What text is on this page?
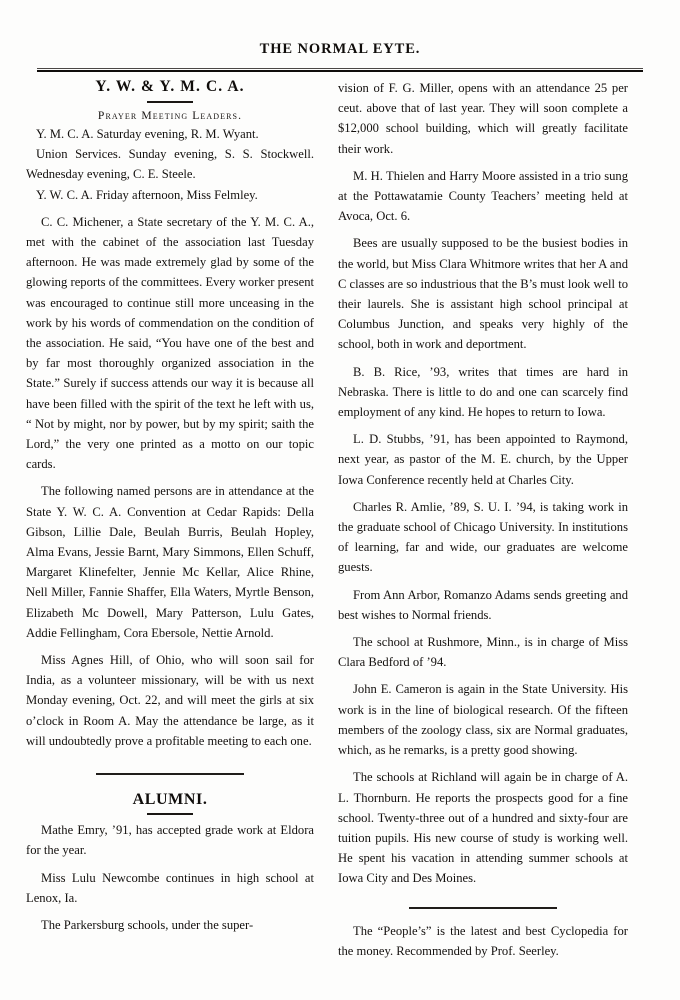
THE NORMAL EYTE.
Y. W. & Y. M. C. A.
Prayer Meeting Leaders.

Y. M. C. A. Saturday evening, R. M. Wyant.

Union Services. Sunday evening, S. S. Stockwell. Wednesday evening, C. E. Steele.

Y. W. C. A. Friday afternoon, Miss Felmley.

C. C. Michener, a State secretary of the Y. M. C. A., met with the cabinet of the association last Tuesday afternoon. He was made extremely glad by some of the glowing reports of the committees. Every worker present was encouraged to continue still more unceasing in the work by his words of commendation on the condition of the association. He said, “You have one of the best and by far most thoroughly organized association in the State.” Surely if success attends our way it is because all have been filled with the spirit of the text he left with us, “ Not by might, nor by power, but by my spirit; saith the Lord,” the very one printed as a motto on our topic cards.

The following named persons are in attendance at the State Y. W. C. A. Convention at Cedar Rapids: Della Gibson, Lillie Dale, Beulah Burris, Beulah Hopley, Alma Evans, Jessie Barnt, Mary Simmons, Ellen Schuff, Margaret Klinefelter, Jennie Mc Kellar, Alice Rhine, Nell Miller, Fannie Shaffer, Ella Waters, Myrtle Benson, Elizabeth Mc Dowell, Mary Patterson, Lulu Gates, Addie Fellingham, Cora Ebersole, Nettie Arnold.

Miss Agnes Hill, of Ohio, who will soon sail for India, as a volunteer missionary, will be with us next Monday evening, Oct. 22, and will meet the girls at six o’clock in Room A. May the attendance be large, as it will undoubtedly prove a profitable meeting to each one.

ALUMNI.

Mathe Emry, ’91, has accepted grade work at Eldora for the year.

Miss Lulu Newcombe continues in high school at Lenox, Ia.

The Parkersburg schools, under the super-

vision of F. G. Miller, opens with an attendance 25 per ceut. above that of last year. They will soon complete a $12,000 school building, which will greatly facilitate their work.

M. H. Thielen and Harry Moore assisted in a trio sung at the Pottawatamie County Teachers’ meeting held at Avoca, Oct. 6.

Bees are usually supposed to be the busiest bodies in the world, but Miss Clara Whitmore writes that her A and C classes are so industrious that the B’s must look well to their laurels. She is assistant high school principal at Columbus Junction, and speaks very highly of the school, both in work and deportment.

B. B. Rice, ’93, writes that times are hard in Nebraska. There is little to do and one can scarcely find employment of any kind. He hopes to return to Iowa.

L. D. Stubbs, ’91, has been appointed to Raymond, next year, as pastor of the M. E. church, by the Upper Iowa Conference recently held at Charles City.

Charles R. Amlie, ’89, S. U. I. ’94, is taking work in the graduate school of Chicago University. In institutions of learning, far and wide, our graduates are welcome guests.

From Ann Arbor, Romanzo Adams sends greeting and best wishes to Normal friends.

The school at Rushmore, Minn., is in charge of Miss Clara Bedford of ’94.

John E. Cameron is again in the State University. His work is in the line of biological research. Of the fifteen members of the zoology class, six are Normal graduates, which, as he remarks, is a pretty good showing.

The schools at Richland will again be in charge of A. L. Thornburn. He reports the prospects good for a fine school. Twenty-three out of a hundred and sixty-four are tuition pupils. His new course of study is working well. He spent his vacation in attending summer schools at Iowa City and Des Moines.

The “People’s” is the latest and best Cyclopedia for the money. Recommended by Prof. Seerley.
